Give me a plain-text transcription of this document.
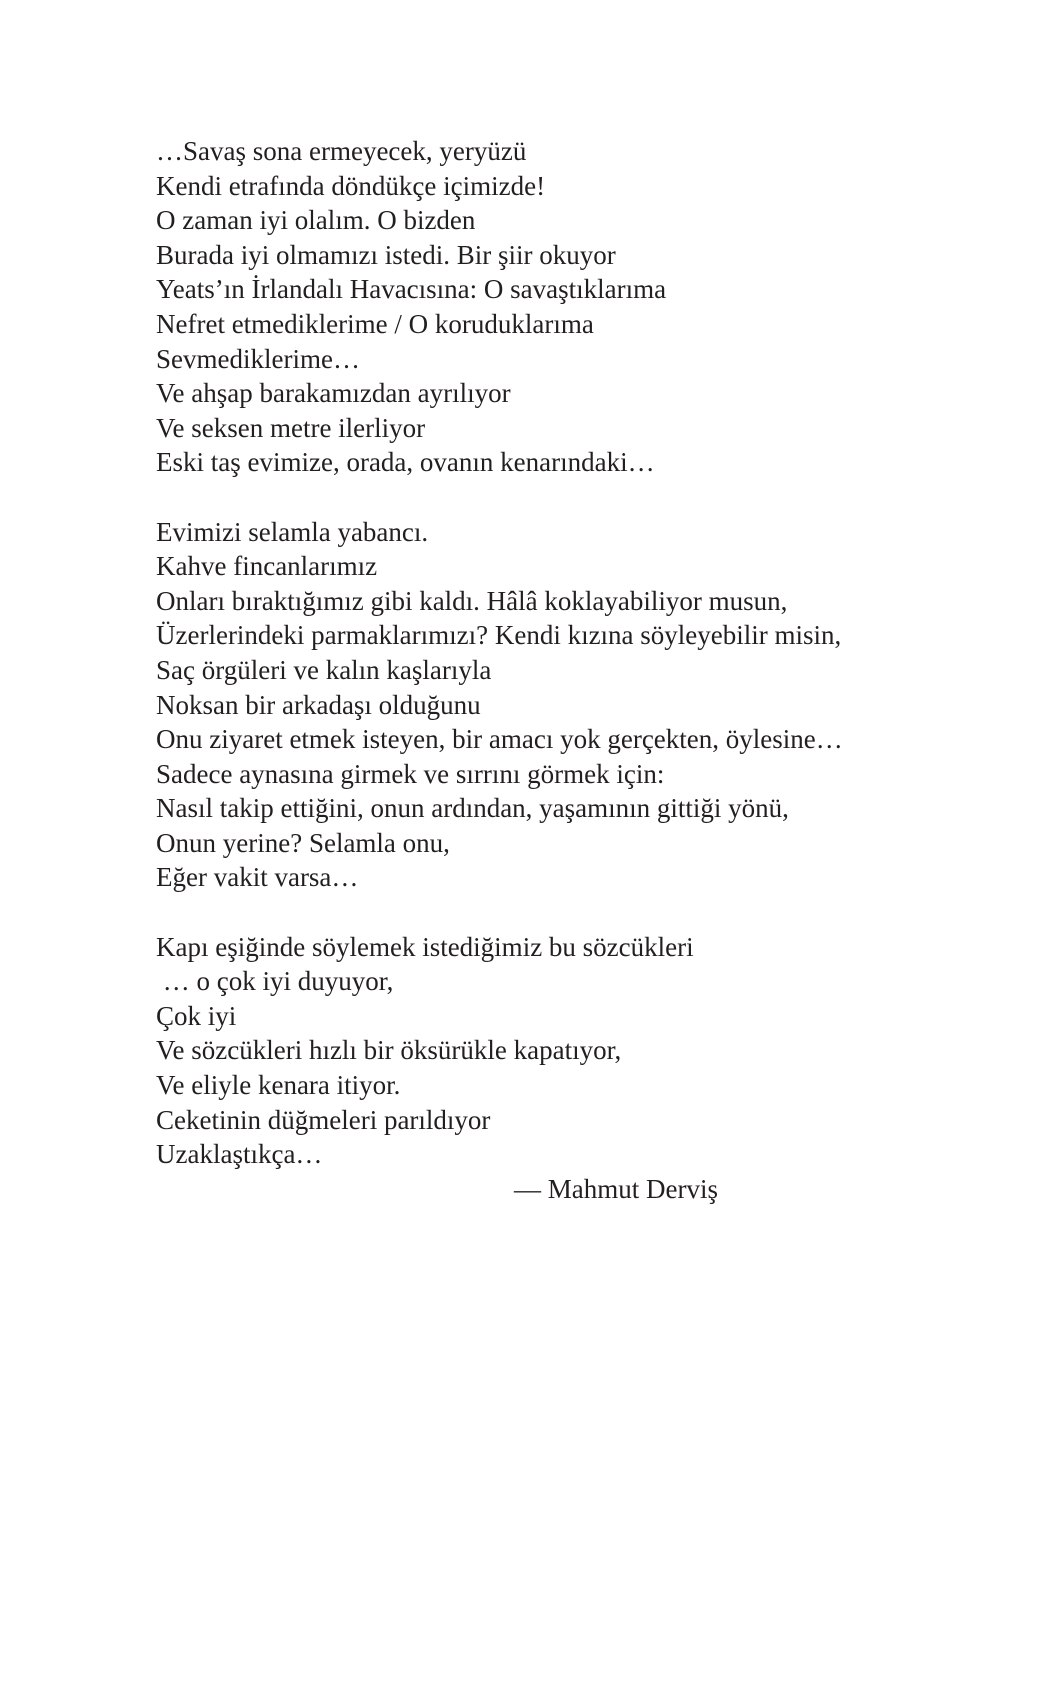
…Savaş sona ermeyecek, yeryüzü
Kendi etrafında döndükçe içimizde!
O zaman iyi olalım. O bizden
Burada iyi olmamızı istedi. Bir şiir okuyor
Yeats’ın İrlandalı Havacısına: O savaştıklarıma
Nefret etmediklerime / O koruduklarıma
Sevmediklerime…
Ve ahşap barakamızdan ayrılıyor
Ve seksen metre ilerliyor
Eski taş evimize, orada, ovanın kenarındaki…
Evimizi selamla yabancı.
Kahve fincanlarımız
Onları bıraktığımız gibi kaldı. Hâlâ koklayabiliyor musun,
Üzerlerindeki parmaklarımızı? Kendi kızına söyleyebilir misin,
Saç örgüleri ve kalın kaşlarıyla
Noksan bir arkadaşı olduğunu
Onu ziyaret etmek isteyen, bir amacı yok gerçekten, öylesine…
Sadece aynasına girmek ve sırrını görmek için:
Nasıl takip ettiğini, onun ardından, yaşamının gittiği yönü,
Onun yerine? Selamla onu,
Eğer vakit varsa…
Kapı eşiğinde söylemek istediğimiz bu sözcükleri
… o çok iyi duyuyor,
Çok iyi
Ve sözcükleri hızlı bir öksürükle kapatıyor,
Ve eliyle kenara itiyor.
Ceketinin düğmeleri parıldıyor
Uzaklaştıkça…
— Mahmut Derviş
